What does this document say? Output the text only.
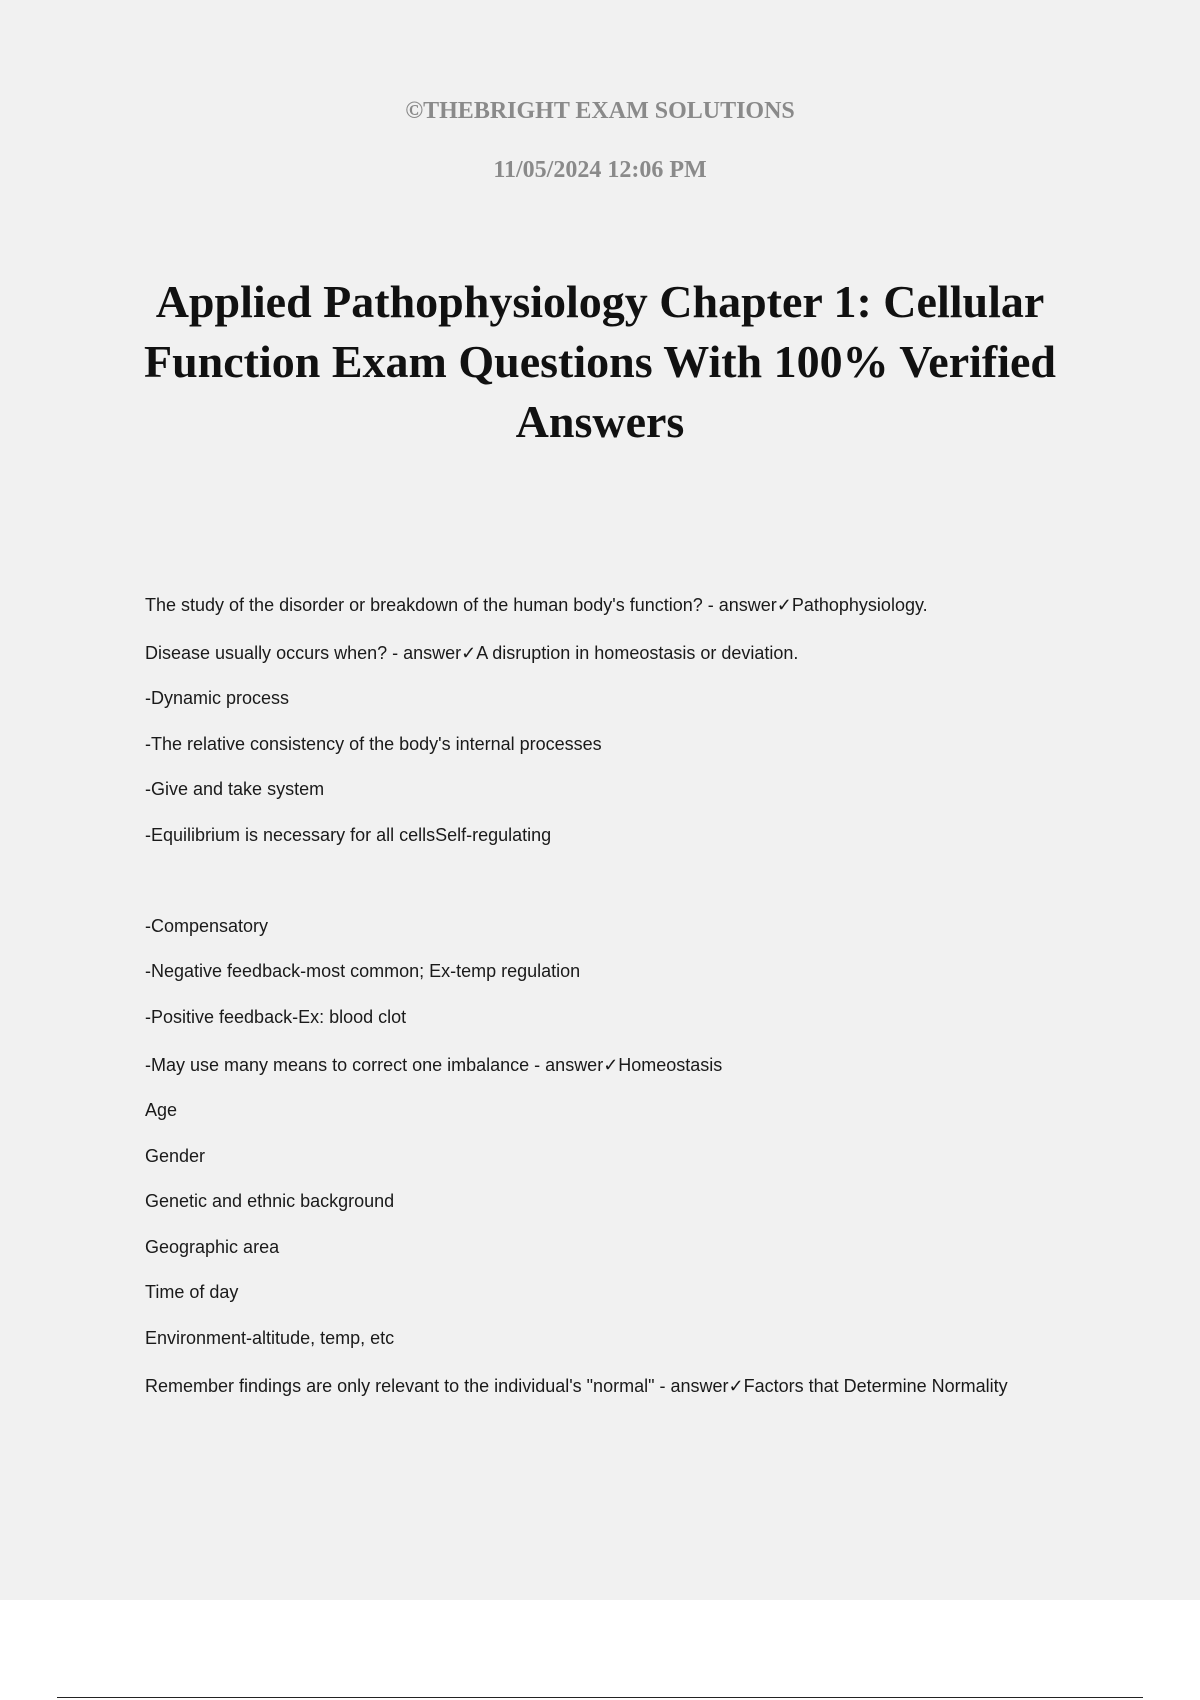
©THEBRIGHT EXAM SOLUTIONS

11/05/2024 12:06 PM

Applied Pathophysiology Chapter 1: Cellular Function Exam Questions With 100% Verified Answers
The study of the disorder or breakdown of the human body's function? - answer✓Pathophysiology.
Disease usually occurs when? - answer✓A disruption in homeostasis or deviation.
-Dynamic process
-The relative consistency of the body's internal processes
-Give and take system
-Equilibrium is necessary for all cellsSelf-regulating
-Compensatory
-Negative feedback-most common; Ex-temp regulation
-Positive feedback-Ex: blood clot
-May use many means to correct one imbalance - answer✓Homeostasis
Age
Gender
Genetic and ethnic background
Geographic area
Time of day
Environment-altitude, temp, etc
Remember findings are only relevant to the individual's "normal" - answer✓Factors that Determine Normality
